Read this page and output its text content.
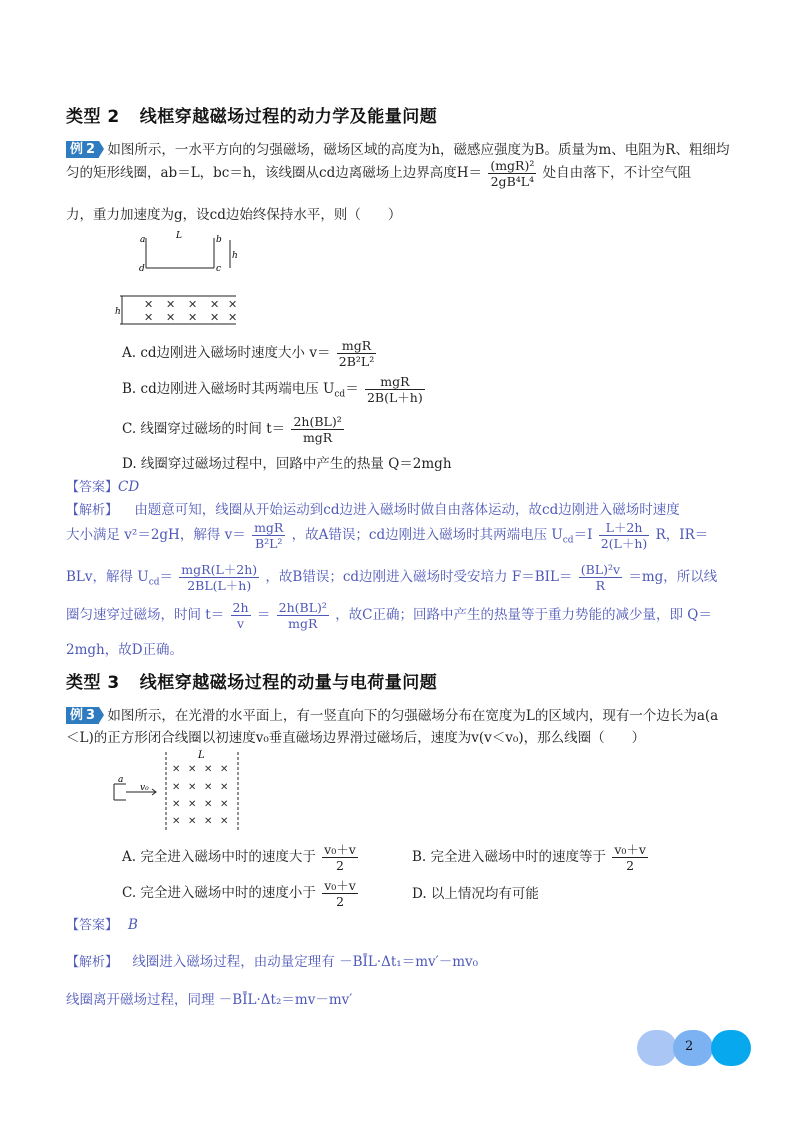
类型 2 线框穿越磁场过程的动力学及能量问题
例 2 如图所示，一水平方向的匀强磁场，磁场区域的高度为h，磁感应强度为B。质量为m、电阻为R、粗细均
匀的矩形线圈，ab＝L，bc＝h，该线圈从cd边离磁场上边界高度$H= \frac{\text{(mgR)²}}{\text{2gB⁴L⁴}}$ 处自由落下，不计空气阻
力，重力加速度为g，设cd边始终保持水平，则（　　）
a	b
c
d
L
h
h
✕ ✕ ✕ ✕ ✕
✕ ✕ ✕ ✕ ✕
A. cd边刚进入磁场时速度大小 $v= \frac{\text{mgR}}{\text{2B²L²}}$
B. cd边刚进入磁场时其两端电压 $U_{cd}= \frac{\text{mgR}}{2B(L+h)}$
C. 线圈穿过磁场的时间 $t= \frac{\text{2h(BL)²}}{\text{mgR}}$
D. 线圈穿过磁场过程中，回路中产生的热量 Q＝2mgh
【答案】CD
【解析】 由题意可知，线圈从开始运动到cd边进入磁场时做自由落体运动，故cd边刚进入磁场时速度
大小满足 v²＝2gH，解得 $v= \frac{\text{mgR}}{\text{B²L²}}$ ，故A错误；cd边刚进入磁场时其两端电压 $U_{cd}=I \frac{L+2h}{2(L+h)}$ R，IR＝
BLv，解得 $U_{cd}= \frac{\text{mgR(L＋2h)}}{2BL(L+h)}$ ，故B错误；cd边刚进入磁场时受安培力 $F=BIL= \frac{\text{(BL)²v}}{R} =mg$，所以线
圈匀速穿过磁场，时间 $t= \frac{2h}{v} = \frac{\text{2h(BL)²}}{\text{mgR}}$ ，故C正确；回路中产生的热量等于重力势能的减少量，即 Q＝
2mgh，故D正确。
类型 3 线框穿越磁场过程的动量与电荷量问题
例 3 如图所示，在光滑的水平面上，有一竖直向下的匀强磁场分布在宽度为L的区域内，现有一个边长为a(a
＜L)的正方形闭合线圈以初速度v₀垂直磁场边界滑过磁场后，速度为v(v＜v₀)，那么线圈（　　）
L
a
v₀
✕ ✕ ✕ ✕
✕ ✕ ✕ ✕
✕ ✕ ✕ ✕
✕ ✕ ✕ ✕
A. 完全进入磁场中时的速度大于 $\frac{\text{v₀＋v}}{2}$	B. 完全进入磁场中时的速度等于 $\frac{\text{v₀＋v}}{2}$
C. 完全进入磁场中时的速度小于 $\frac{\text{v₀＋v}}{2}$	D. 以上情况均有可能
【答案】 B
【解析】 线圈进入磁场过程，由动量定理有 －BĪL·Δt₁＝mv′－mv₀
线圈离开磁场过程，同理 －BĪL·Δt₂＝mv－mv′
2
